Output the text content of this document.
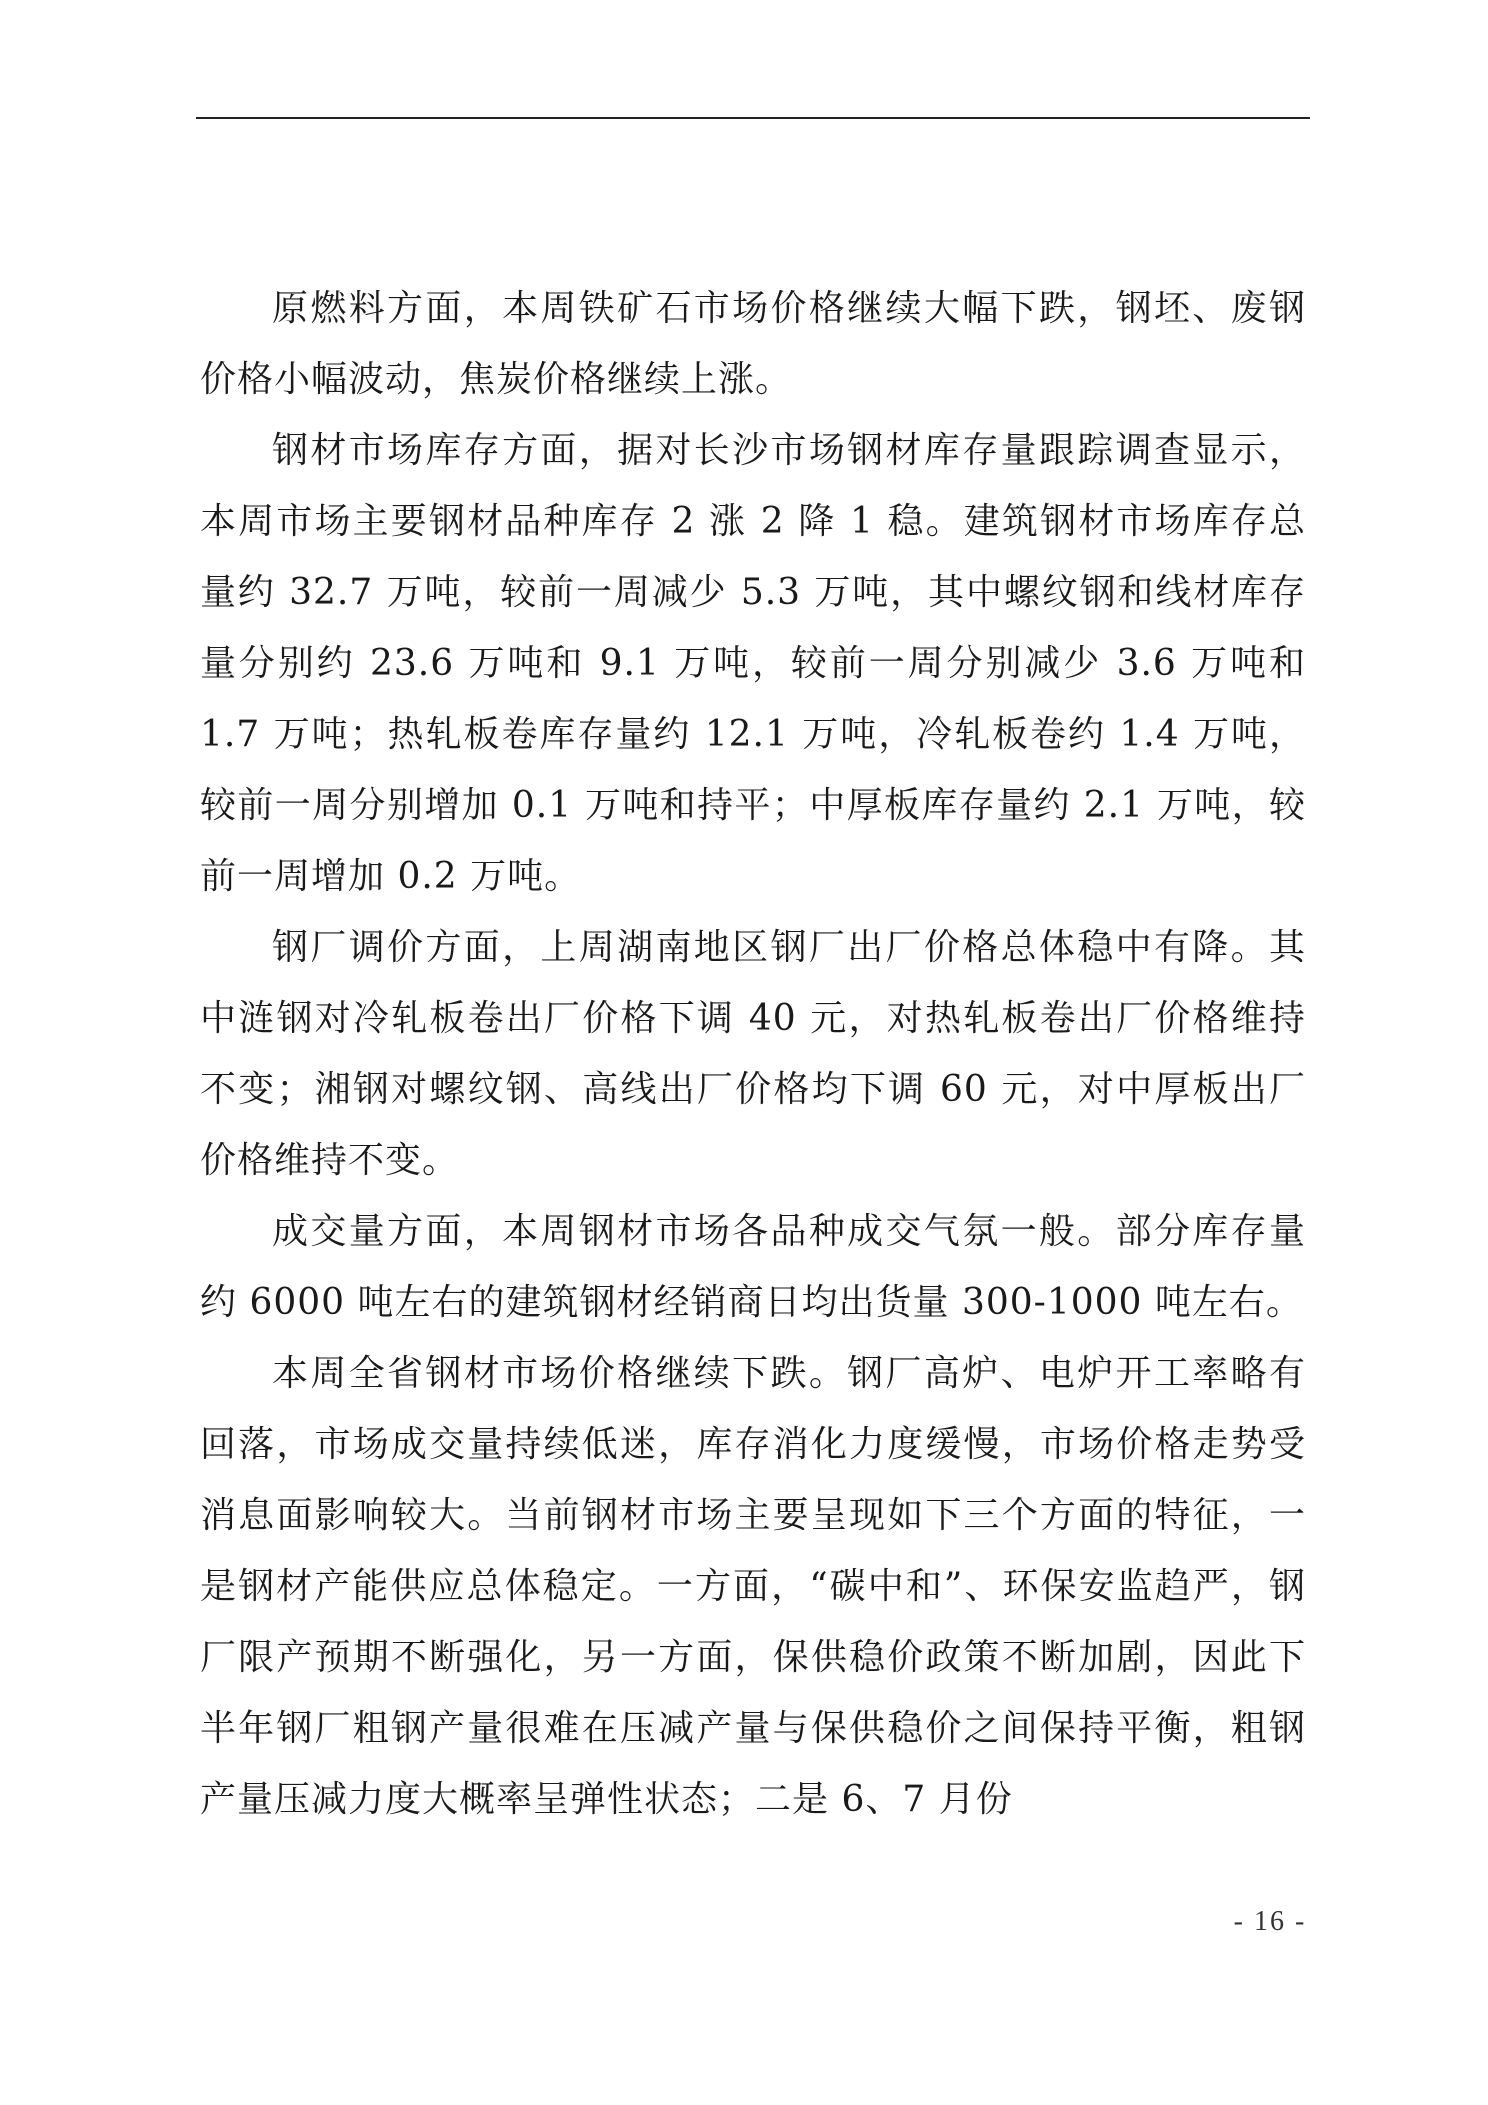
原燃料方面，本周铁矿石市场价格继续大幅下跌，钢坯、废钢价格小幅波动，焦炭价格继续上涨。

钢材市场库存方面，据对长沙市场钢材库存量跟踪调查显示，本周市场主要钢材品种库存 2 涨 2 降 1 稳。建筑钢材市场库存总量约 32.7 万吨，较前一周减少 5.3 万吨，其中螺纹钢和线材库存量分别约 23.6 万吨和 9.1 万吨，较前一周分别减少 3.6 万吨和 1.7 万吨；热轧板卷库存量约 12.1 万吨，冷轧板卷约 1.4 万吨，较前一周分别增加 0.1 万吨和持平；中厚板库存量约 2.1 万吨，较前一周增加 0.2 万吨。

钢厂调价方面，上周湖南地区钢厂出厂价格总体稳中有降。其中涟钢对冷轧板卷出厂价格下调 40 元，对热轧板卷出厂价格维持不变；湘钢对螺纹钢、高线出厂价格均下调 60 元，对中厚板出厂价格维持不变。

成交量方面，本周钢材市场各品种成交气氛一般。部分库存量约 6000 吨左右的建筑钢材经销商日均出货量 300-1000 吨左右。

本周全省钢材市场价格继续下跌。钢厂高炉、电炉开工率略有回落，市场成交量持续低迷，库存消化力度缓慢，市场价格走势受消息面影响较大。当前钢材市场主要呈现如下三个方面的特征，一是钢材产能供应总体稳定。一方面，“碳中和”、环保安监趋严，钢厂限产预期不断强化，另一方面，保供稳价政策不断加剧，因此下半年钢厂粗钢产量很难在压减产量与保供稳价之间保持平衡，粗钢产量压减力度大概率呈弹性状态；二是 6、7 月份

- 16 -
